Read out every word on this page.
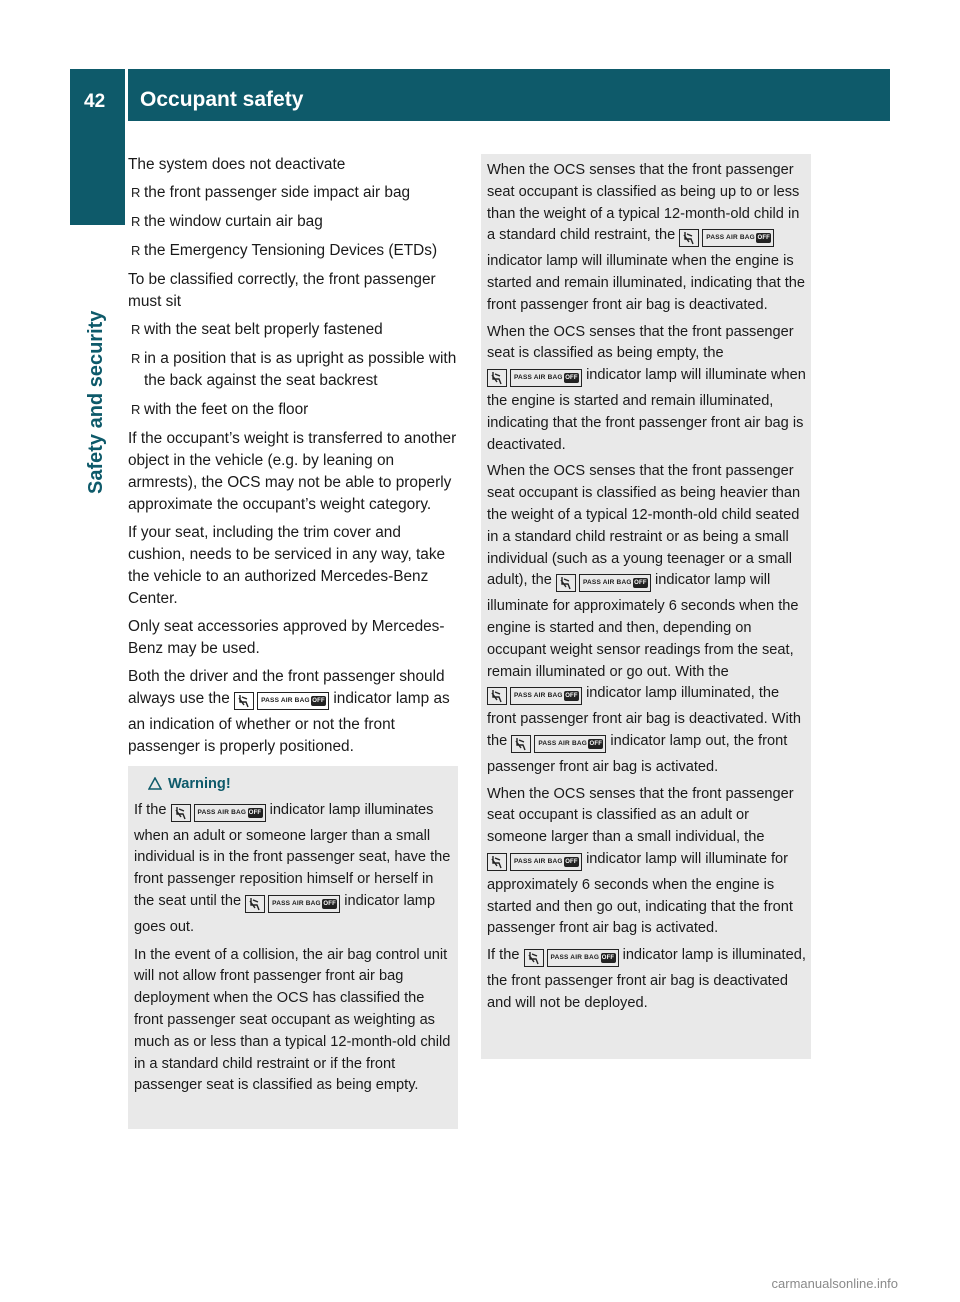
42 Occupant safety
Safety and security

The system does not deactivate

R the front passenger side impact air bag
R the window curtain air bag
R the Emergency Tensioning Devices (ETDs)

To be classified correctly, the front passenger must sit

R with the seat belt properly fastened
R in a position that is as upright as possible with the back against the seat backrest
R with the feet on the floor

If the occupant’s weight is transferred to another object in the vehicle (e.g. by leaning on armrests), the OCS may not be able to properly approximate the occupant’s weight category.

If your seat, including the trim cover and cushion, needs to be serviced in any way, take the vehicle to an authorized Mercedes-Benz Center.

Only seat accessories approved by Mercedes-Benz may be used.

Both the driver and the front passenger should always use the	PASS AIR BAG OFF indicator lamp as an indication of whether or not the front passenger is properly positioned.

Warning!

If the	PASS AIR BAG OFF indicator lamp illuminates when an adult or someone larger than a small individual is in the front passenger seat, have the front passenger reposition himself or herself in the seat until the	PASS AIR BAG OFF indicator lamp goes out.

In the event of a collision, the air bag control unit will not allow front passenger front air bag deployment when the OCS has classified the front passenger seat occupant as weighting as much as or less than a typical 12-month-old child in a standard child restraint or if the front passenger seat is classified as being empty.

When the OCS senses that the front passenger seat occupant is classified as being up to or less than the weight of a typical 12-month-old child in a standard child restraint, the	PASS AIR BAG OFF
indicator lamp will illuminate when the engine is started and remain illuminated, indicating that the front passenger front air bag is deactivated.

When the OCS senses that the front passenger seat is classified as being empty, the
PASS AIR BAG OFF indicator lamp will illuminate when the engine is started and remain illuminated, indicating that the front passenger front air bag is deactivated.

When the OCS senses that the front passenger seat occupant is classified as being heavier than the weight of a typical 12-month-old child seated in a standard child restraint or as being a small individual (such as a young teenager or a small adult), the	PASS AIR BAG OFF indicator lamp will illuminate for approximately 6 seconds when the engine is started and then, depending on occupant weight sensor readings from the seat, remain illuminated or go out. With the
PASS AIR BAG OFF indicator lamp illuminated, the front passenger front air bag is deactivated. With the	PASS AIR BAG OFF indicator lamp out, the front passenger front air bag is activated.

When the OCS senses that the front passenger seat occupant is classified as an adult or someone larger than a small individual, the
PASS AIR BAG OFF indicator lamp will illuminate for approximately 6 seconds when the engine is started and then go out, indicating that the front passenger front air bag is activated.

If the	PASS AIR BAG OFF indicator lamp is illuminated, the front passenger front air bag is deactivated and will not be deployed.

carmanualsonline.info
